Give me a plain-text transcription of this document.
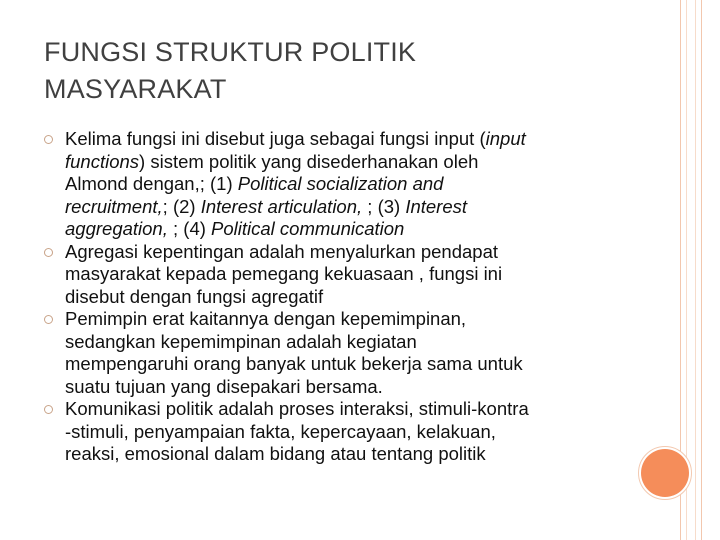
FUNGSI STRUKTUR POLITIK
MASYARAKAT
Kelima fungsi ini disebut juga sebagai fungsi input (input
functions) sistem politik yang disederhanakan oleh
Almond dengan,; (1) Political socialization and
recruitment,; (2) Interest articulation, ; (3) Interest
aggregation, ; (4) Political communication
Agregasi kepentingan adalah menyalurkan pendapat
masyarakat kepada pemegang kekuasaan , fungsi ini
disebut dengan fungsi agregatif
Pemimpin erat kaitannya dengan kepemimpinan,
sedangkan kepemimpinan adalah kegiatan
mempengaruhi orang banyak untuk bekerja sama untuk
suatu tujuan yang disepakari bersama.
Komunikasi politik adalah proses interaksi, stimuli-kontra
-stimuli, penyampaian fakta, kepercayaan, kelakuan,
reaksi, emosional dalam bidang atau tentang politik
